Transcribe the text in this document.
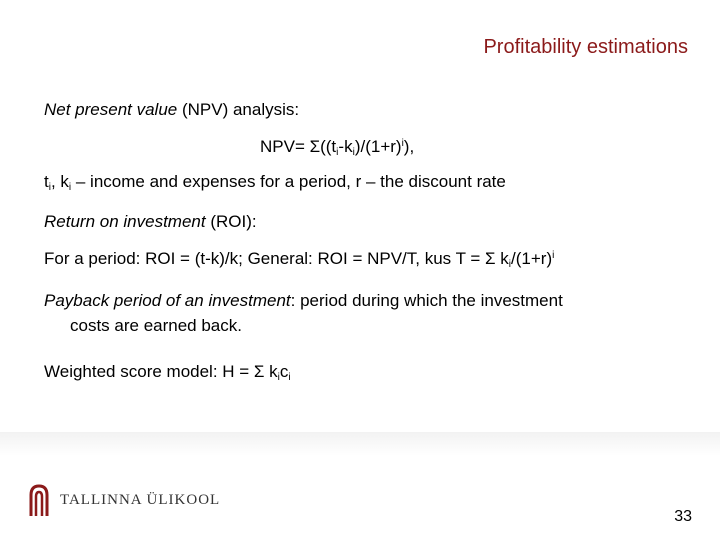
Profitability estimations
Net present value (NPV) analysis:
$NPV= \Sigma((t_i-k_i)/(1+r)^i)$,
$t_i$, $k_i$ – income and expenses for a period, r – the discount rate
Return on investment (ROI):
For a period: ROI = (t-k)/k; General: ROI = NPV/T, kus T = Σ $k_i/(1+r)^i$
Payback period of an investment: period during which the investment
costs are earned back.
Weighted score model: H = Σ $k_ic_i$
TALLINNA ÜLIKOOL
33
